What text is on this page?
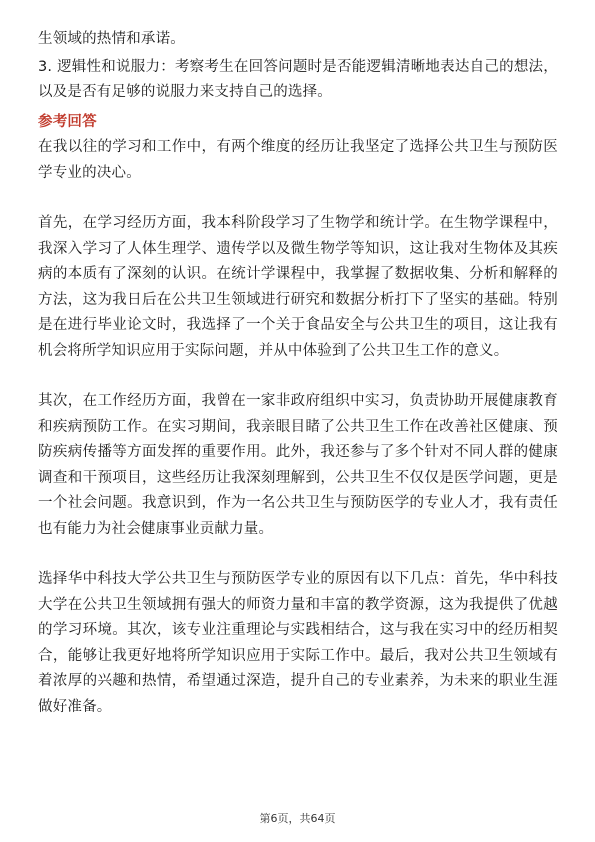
生领域的热情和承诺。

3. 逻辑性和说服力：考察考生在回答问题时是否能逻辑清晰地表达自己的想法，以及是否有足够的说服力来支持自己的选择。

参考回答

在我以往的学习和工作中，有两个维度的经历让我坚定了选择公共卫生与预防医学专业的决心。

首先，在学习经历方面，我本科阶段学习了生物学和统计学。在生物学课程中，我深入学习了人体生理学、遗传学以及微生物学等知识，这让我对生物体及其疾病的本质有了深刻的认识。在统计学课程中，我掌握了数据收集、分析和解释的方法，这为我日后在公共卫生领域进行研究和数据分析打下了坚实的基础。特别是在进行毕业论文时，我选择了一个关于食品安全与公共卫生的项目，这让我有机会将所学知识应用于实际问题，并从中体验到了公共卫生工作的意义。

其次，在工作经历方面，我曾在一家非政府组织中实习，负责协助开展健康教育和疾病预防工作。在实习期间，我亲眼目睹了公共卫生工作在改善社区健康、预防疾病传播等方面发挥的重要作用。此外，我还参与了多个针对不同人群的健康调查和干预项目，这些经历让我深刻理解到，公共卫生不仅仅是医学问题，更是一个社会问题。我意识到，作为一名公共卫生与预防医学的专业人才，我有责任也有能力为社会健康事业贡献力量。

选择华中科技大学公共卫生与预防医学专业的原因有以下几点：首先，华中科技大学在公共卫生领域拥有强大的师资力量和丰富的教学资源，这为我提供了优越的学习环境。其次，该专业注重理论与实践相结合，这与我在实习中的经历相契合，能够让我更好地将所学知识应用于实际工作中。最后，我对公共卫生领域有着浓厚的兴趣和热情，希望通过深造，提升自己的专业素养，为未来的职业生涯做好准备。

第6页，共64页
